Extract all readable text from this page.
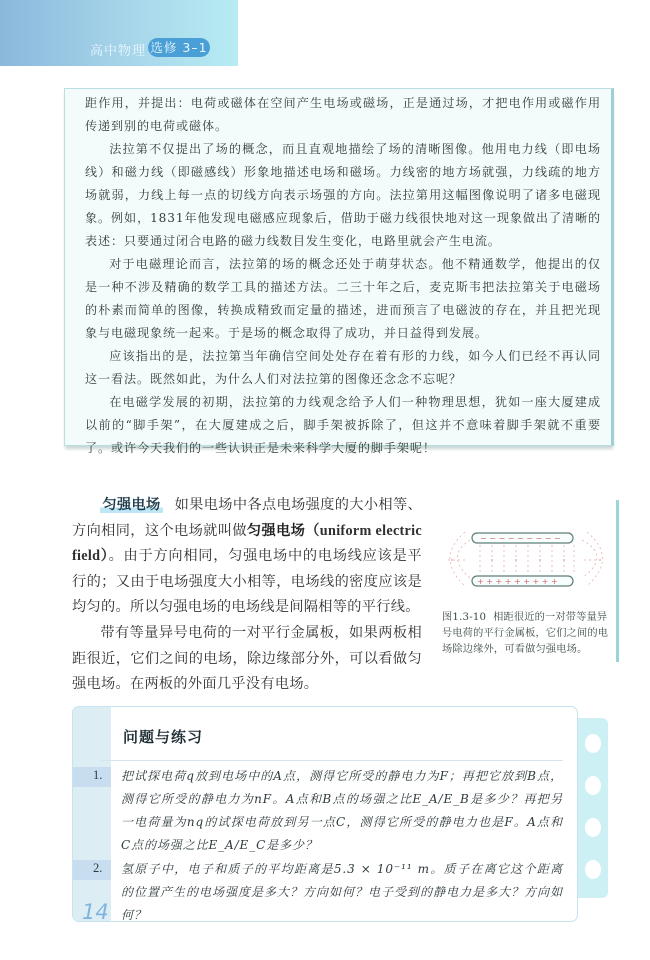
高中物理 选修 3–1

距作用，并提出：电荷或磁体在空间产生电场或磁场，正是通过场，才把电作用或磁作用传递到别的电荷或磁体。

法拉第不仅提出了场的概念，而且直观地描绘了场的清晰图像。他用电力线（即电场线）和磁力线（即磁感线）形象地描述电场和磁场。力线密的地方场就强，力线疏的地方场就弱，力线上每一点的切线方向表示场强的方向。法拉第用这幅图像说明了诸多电磁现象。例如，1831年他发现电磁感应现象后，借助于磁力线很快地对这一现象做出了清晰的表述：只要通过闭合电路的磁力线数目发生变化，电路里就会产生电流。

对于电磁理论而言，法拉第的场的概念还处于萌芽状态。他不精通数学，他提出的仅是一种不涉及精确的数学工具的描述方法。二三十年之后，麦克斯韦把法拉第关于电磁场的朴素而简单的图像，转换成精致而定量的描述，进而预言了电磁波的存在，并且把光现象与电磁现象统一起来。于是场的概念取得了成功，并日益得到发展。

应该指出的是，法拉第当年确信空间处处存在着有形的力线，如今人们已经不再认同这一看法。既然如此，为什么人们对法拉第的图像还念念不忘呢？

在电磁学发展的初期，法拉第的力线观念给予人们一种物理思想，犹如一座大厦建成以前的“脚手架”，在大厦建成之后，脚手架被拆除了，但这并不意味着脚手架就不重要了。或许今天我们的一些认识正是未来科学大厦的脚手架呢！

匀强电场 如果电场中各点电场强度的大小相等、方向相同，这个电场就叫做匀强电场（uniform electric field）。由于方向相同，匀强电场中的电场线应该是平行的；又由于电场强度大小相等，电场线的密度应该是均匀的。所以匀强电场的电场线是间隔相等的平行线。

带有等量异号电荷的一对平行金属板，如果两板相距很近，它们之间的电场，除边缘部分外，可以看做匀强电场。在两板的外面几乎没有电场。

− − − − − − − − −
+ + + + + + + + +
图1.3-10 相距很近的一对带等量异号电荷的平行金属板，它们之间的电场除边缘外，可看做匀强电场。
问题与练习
1. 把试探电荷q放到电场中的A点，测得它所受的静电力为F；再把它放到B点，测得它所受的静电力为nF。A点和B点的场强之比E_A/E_B是多少？再把另一电荷量为nq的试探电荷放到另一点C，测得它所受的静电力也是F。A点和C点的场强之比E_A/E_C是多少？
2. 氢原子中，电子和质子的平均距离是5.3 × 10⁻¹¹ m。质子在离它这个距离的位置产生的电场强度是多大？方向如何？电子受到的静电力是多大？方向如何？
14
